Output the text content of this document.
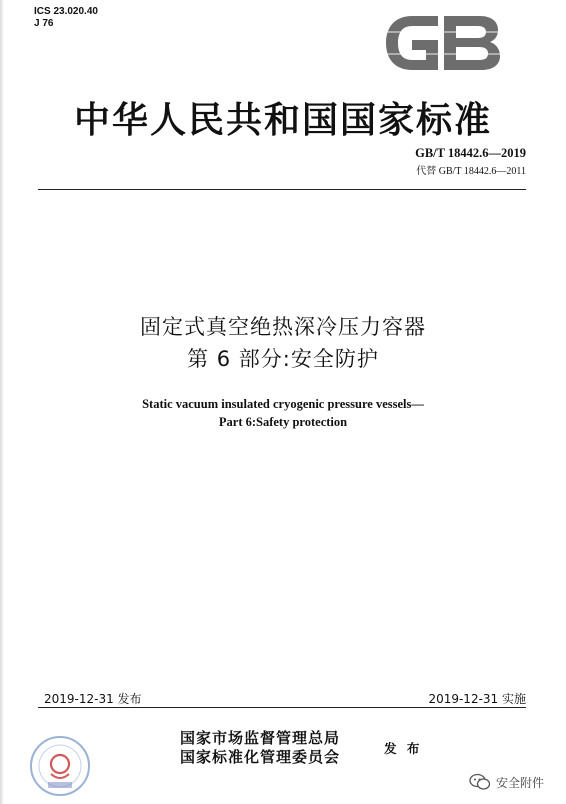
ICS 23.020.40
J 76
中华人民共和国国家标准
GB/T 18442.6—2019
代替 GB/T 18442.6—2011
固定式真空绝热深冷压力容器
第 6 部分:安全防护
Static vacuum insulated cryogenic pressure vessels—
Part 6:Safety protection
2019-12-31 发布	2019-12-31 实施
国家市场监督管理总局
国家标准化管理委员会	发 布
安全附件
